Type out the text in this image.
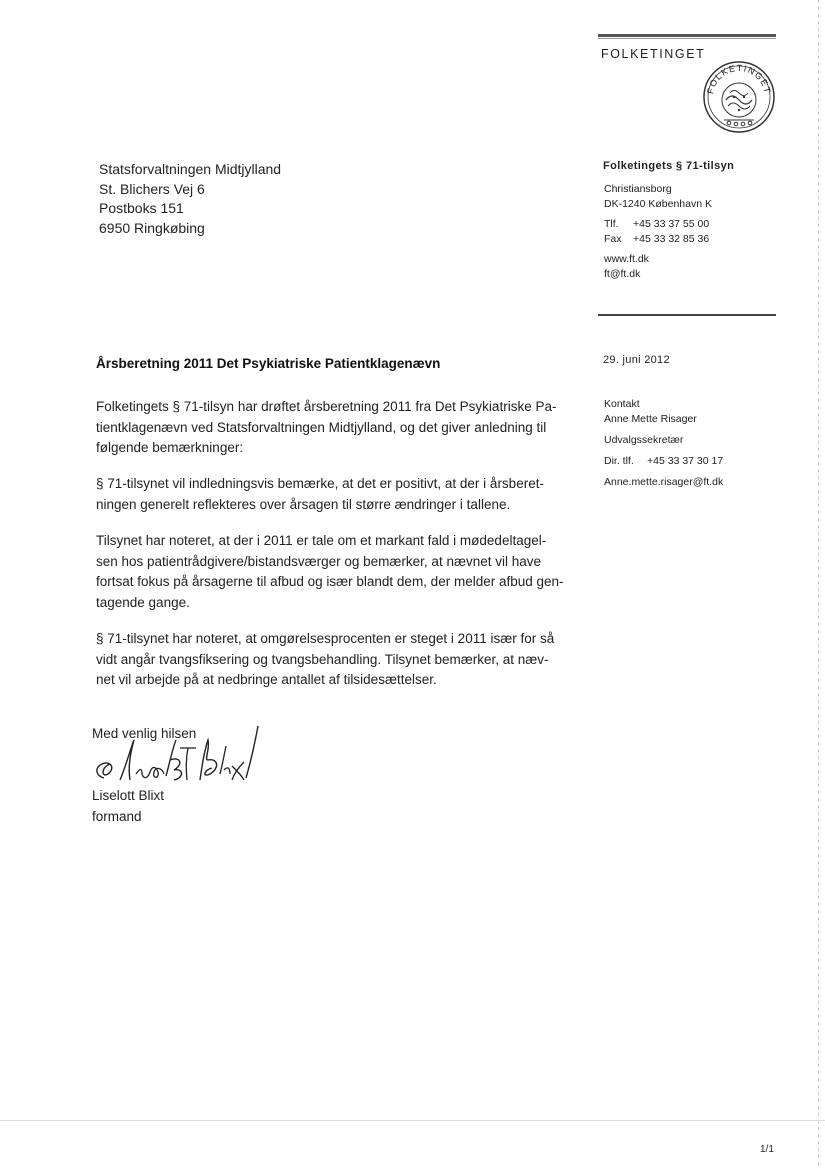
FOLKETINGET
FOLKETINGET
Statsforvaltningen Midtjylland
St. Blichers Vej 6
Postboks 151
6950 Ringkøbing
Folketingets § 71-tilsyn
Christiansborg
DK-1240 København K
Tlf. +45 33 37 55 00
Fax +45 33 32 85 36
www.ft.dk
ft@ft.dk
29. juni 2012
Kontakt
Anne Mette Risager
Udvalgssekretær
Dir. tlf. +45 33 37 30 17
Anne.mette.risager@ft.dk
Årsberetning 2011 Det Psykiatriske Patientklagenævn
Folketingets § 71-tilsyn har drøftet årsberetning 2011 fra Det Psykiatriske Pa-
tientklagenævn ved Statsforvaltningen Midtjylland, og det giver anledning til
følgende bemærkninger:
§ 71-tilsynet vil indledningsvis bemærke, at det er positivt, at der i årsberet-
ningen generelt reflekteres over årsagen til større ændringer i tallene.
Tilsynet har noteret, at der i 2011 er tale om et markant fald i mødedeltagel-
sen hos patientrådgivere/bistandsværger og bemærker, at nævnet vil have
fortsat fokus på årsagerne til afbud og især blandt dem, der melder afbud gen-
tagende gange.
§ 71-tilsynet har noteret, at omgørelsesprocenten er steget i 2011 især for så
vidt angår tvangsfiksering og tvangsbehandling. Tilsynet bemærker, at næv-
net vil arbejde på at nedbringe antallet af tilsidesættelser.
Med venlig hilsen
Liselott Blixt
formand
1/1
